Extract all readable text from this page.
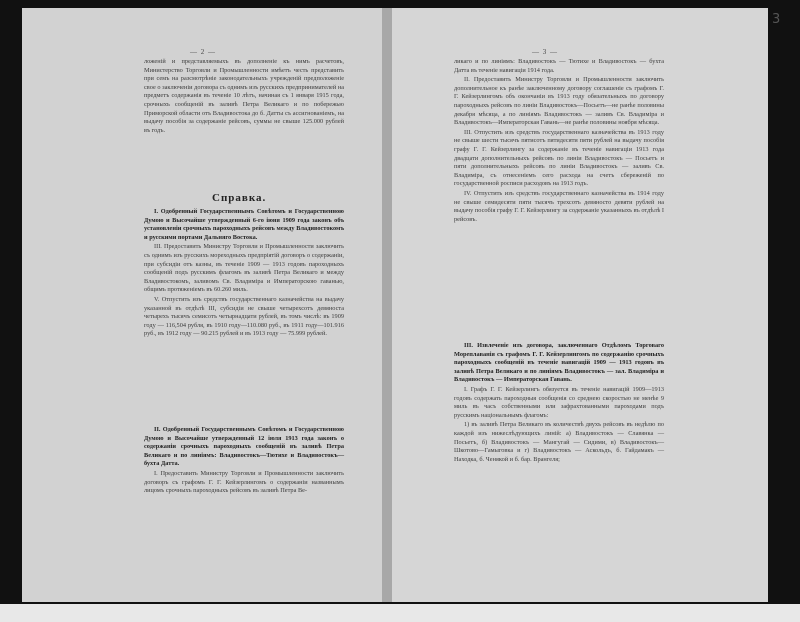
3
— 2 —

ложенiй и представляемыхъ въ дополненiе къ нимъ расчетовъ, Министерство Торговли и Промышленности имѣетъ честь представить при семъ на разсмотрѣнiе законодательныхъ учрежденiй предположенiе свое о заключенiи договора съ однимъ изъ русскихъ предпринимателей на предметъ содержанiя въ теченiе 10 лѣтъ, начиная съ 1 января 1915 года, срочныхъ сообщенiй въ заливѣ Петра Великаго и по побережью Приморской области отъ Владивостока до б. Датты съ ассигнованiемъ, на выдачу пособiя за содержанiе рейсовъ, суммы не свыше 125.000 рублей въ годъ.

Справка.

I. Одобренный Государственнымъ Совѣтомъ и Государственною Думою и Высочайше утвержденный 6-го iюня 1909 года законъ объ установленiи срочныхъ пароходныхъ рейсовъ между Владивостокомъ и русскими портами Дальняго Востока.

III. Предоставить Министру Торговли и Промышленности заключить съ однимъ изъ русскихъ мореходныхъ предпрiятiй договоръ о содержанiи, при субсидiи отъ казны, въ теченiе 1909 — 1913 годовъ пароходныхъ сообщенiй подъ русскимъ флагомъ въ заливѣ Петра Великаго и между Владивостокомъ, заливомъ Св. Владимiра и Императорскою гаванью, общимъ протяженiемъ въ 60.260 миль.

V. Отпустить изъ средствъ государственнаго казначейства на выдачу указанной въ отдѣлѣ III, субсидiи не свыше четырехсотъ девяноста четырехъ тысячъ семисотъ четырнадцати рублей, въ томъ числѣ: въ 1909 году — 116,504 рубля, въ 1910 году—110.080 руб., въ 1911 году—101.916 руб., въ 1912 году — 90.215 рублей и въ 1913 году — 75.999 рублей.

II. Одобренный Государственнымъ Совѣтомъ и Государственною Думою и Высочайше утвержденный 12 iюля 1913 года законъ о содержанiи срочныхъ пароходныхъ сообщенiй въ заливѣ Петра Великаго и по линiямъ: Владивостокъ—Тютихе и Владивостокъ—бухта Датта.

I. Предоставить Министру Торговли и Промышленности заключить договоръ съ графомъ Г. Г. Кейзерлингомъ о содержанiи названнымъ лицомъ срочныхъ пароходныхъ рейсовъ въ заливѣ Петра Ве-

— 3 —

ликаго и по линiямъ: Владивостокъ — Тютихе и Владивостокъ — бухта Датта въ теченiе навигацiи 1914 года.

II. Предоставить Министру Торговли и Промышленности заключить дополнительное къ ранѣе заключенному договору соглашенiе съ графомъ Г. Г. Кейзерлингомъ объ окончанiи въ 1913 году обязательныхъ по договору пароходныхъ рейсовъ по линiи Владивостокъ—Посьетъ—не ранѣе половины декабря мѣсяца, а по линiямъ Владивостокъ — заливъ Св. Владимiра и Владивостокъ—Императорская Гавань—не ранѣе половины ноября мѣсяца.

III. Отпустить изъ средствъ государственнаго казначейства въ 1913 году не свыше шести тысячъ пятисотъ пятидесяти пяти рублей на выдачу пособiя графу Г. Г. Кейзерлингу за содержанiе въ теченiе навигацiи 1913 года двадцати дополнительныхъ рейсовъ по линiи Владивостокъ — Посьетъ и пяти дополнительныхъ рейсовъ по линiи Владивостокъ — заливъ Св. Владимiра, съ отнесенiемъ сего расхода на счетъ сбереженiй по государственной росписи расходовъ на 1913 годъ.

IV. Отпустить изъ средствъ государственнаго казначейства въ 1914 году не свыше семидесяти пяти тысячъ трехсотъ девяносто девяти рублей на выдачу пособiя графу Г. Г. Кейзерлингу за содержанiе указанныхъ въ отдѣлѣ I рейсовъ.

III. Извлеченiе изъ договора, заключеннаго Отдѣломъ Торговаго Мореплаванiя съ графомъ Г. Г. Кейзерлингомъ по содержанiю срочныхъ пароходныхъ сообщенiй въ теченiе навигацiй 1909 — 1913 годовъ въ заливѣ Петра Великаго и по линiямъ Владивостокъ — зал. Владимiра и Владивостокъ — Императорская Гавань.

I. Графъ Г. Г. Кейзерлингъ обязуется въ теченiе навигацiй 1909—1913 годовъ содержать пароходныя сообщенiя со среднею скоростью не менѣе 9 миль въ часъ собственными или зафрахтованными пароходами подъ русскимъ нацiональнымъ флагомъ:

1) въ заливѣ Петра Великаго въ количествѣ двухъ рейсовъ въ недѣлю по каждой изъ нижеслѣдующихъ линiй: а) Владивостокъ — Славянка — Посьетъ, б) Владивостокъ — Мангугай — Сидими, в) Владивостокъ—Шкотово—Гамыговка и г) Владивостокъ — Аскольдъ, б. Гайдамакъ — Находка, б. Ченякой и б. бар. Врангеля;
